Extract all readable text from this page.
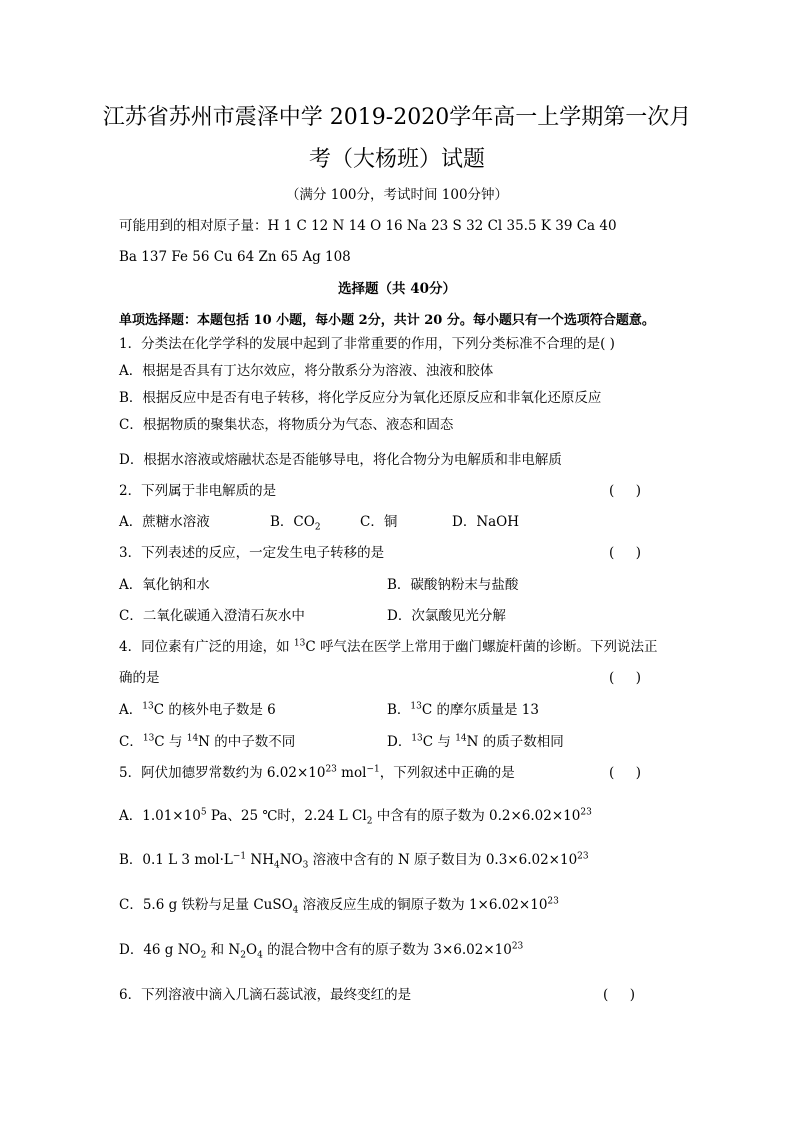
江苏省苏州市震泽中学 2019-2020学年高一上学期第一次月
考（大杨班）试题
（满分 100分，考试时间 100分钟）
可能用到的相对原子量：H 1 C 12 N 14 O 16 Na 23 S 32 Cl 35.5 K 39 Ca 40
Ba 137 Fe 56 Cu 64 Zn 65 Ag 108
选择题（共 40分）
单项选择题：本题包括 10 小题，每小题 2分，共计 20 分。每小题只有一个选项符合题意。
1．分类法在化学学科的发展中起到了非常重要的作用，下列分类标准不合理的是( )
A．根据是否具有丁达尔效应，将分散系分为溶液、浊液和胶体
B．根据反应中是否有电子转移，将化学反应分为氧化还原反应和非氧化还原反应
C．根据物质的聚集状态，将物质分为气态、液态和固态
D．根据水溶液或熔融状态是否能够导电，将化合物分为电解质和非电解质
2．下列属于非电解质的是	(     )
A．蔗糖水溶液	B．$CO_2$	C．铜	D．NaOH
3．下列表述的反应，一定发生电子转移的是	(     )
A．氧化钠和水	B．碳酸钠粉末与盐酸
C．二氧化碳通入澄清石灰水中	D．次氯酸见光分解
4．同位素有广泛的用途，如 $^{13}$C 呼气法在医学上常用于幽门螺旋杆菌的诊断。下列说法正
确的是	(     )
A．$^{13}$C 的核外电子数是 6	B．$^{13}$C 的摩尔质量是 13
C．$^{13}$C 与 $^{14}$N 的中子数不同	D．$^{13}$C 与 $^{14}$N 的质子数相同
5．阿伏加德罗常数约为 $6.02\times 10^{23}$ mol$^{-1}$，下列叙述中正确的是	(     )
A．$1.01\times 10^5$ Pa、25 ℃时，2.24 L $Cl_2$ 中含有的原子数为 $0.2\times 6.02\times 10^{23}$
B．0.1 L 3 $mol\cdot L^{-1}$ $NH_4NO_3$ 溶液中含有的 N 原子数目为 $0.3\times 6.02\times 10^{23}$
C．5.6 g 铁粉与足量 CuSO$_4$ 溶液反应生成的铜原子数为 $1\times 6.02\times 10^{23}$
D．46 g $NO_2$ 和 $N_2O_4$ 的混合物中含有的原子数为 $3\times 6.02\times 10^{23}$
6．下列溶液中滴入几滴石蕊试液，最终变红的是	(     )
